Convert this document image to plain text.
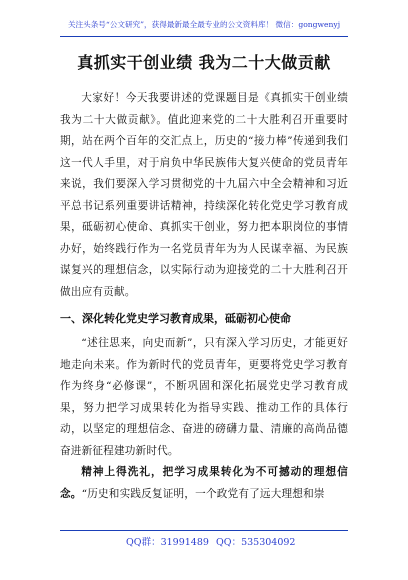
关注头条号“公文研究”，获得最新最全最专业的公文资料库！ 微信：gongwenyj
真抓实干创业绩 我为二十大做贡献

大家好！今天我要讲述的党课题目是《真抓实干创业绩 我为二十大做贡献》。值此迎来党的二十大胜利召开重要时期，站在两个百年的交汇点上，历史的“接力棒”传递到我们这一代人手里，对于肩负中华民族伟大复兴使命的党员青年来说，我们要深入学习贯彻党的十九届六中全会精神和习近平总书记系列重要讲话精神，持续深化转化党史学习教育成果，砥砺初心使命、真抓实干创业，努力把本职岗位的事情办好，始终践行作为一名党员青年为为人民谋幸福、为民族谋复兴的理想信念，以实际行动为迎接党的二十大胜利召开做出应有贡献。

一、深化转化党史学习教育成果，砥砺初心使命

“述往思来，向史而新”，只有深入学习历史，才能更好地走向未来。作为新时代的党员青年，更要将党史学习教育作为终身“必修课”，不断巩固和深化拓展党史学习教育成果，努力把学习成果转化为指导实践、推动工作的具体行动，以坚定的理想信念、奋进的磅礴力量、清廉的高尚品德奋进新征程建功新时代。

精神上得洗礼，把学习成果转化为不可撼动的理想信念。“历史和实践反复证明，一个政党有了远大理想和崇

QQ群：31991489 QQ：535304092
